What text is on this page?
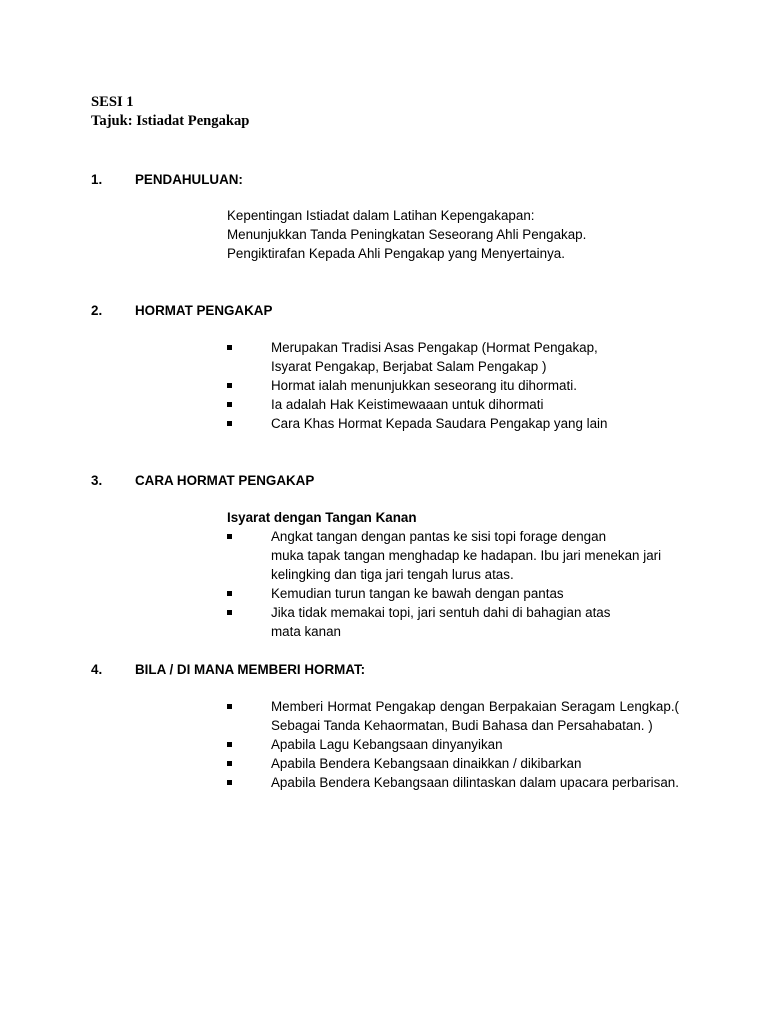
SESI 1
Tajuk: Istiadat Pengakap
1. PENDAHULUAN:
Kepentingan Istiadat dalam Latihan Kepengakapan:
Menunjukkan Tanda Peningkatan Seseorang Ahli Pengakap.
Pengiktirafan Kepada Ahli Pengakap yang Menyertainya.
2. HORMAT PENGAKAP
Merupakan Tradisi Asas Pengakap (Hormat Pengakap,
Isyarat Pengakap, Berjabat Salam Pengakap )
Hormat ialah menunjukkan seseorang itu dihormati.
Ia adalah Hak Keistimewaaan untuk dihormati
Cara Khas Hormat Kepada Saudara Pengakap yang lain
3. CARA HORMAT PENGAKAP
Isyarat dengan Tangan Kanan
Angkat tangan dengan pantas ke sisi topi forage dengan
muka tapak tangan menghadap ke hadapan. Ibu jari menekan jari
kelingking dan tiga jari tengah lurus atas.
Kemudian turun tangan ke bawah dengan pantas
Jika tidak memakai topi, jari sentuh dahi di bahagian atas
mata kanan
4. BILA / DI MANA MEMBERI HORMAT:
Memberi Hormat Pengakap dengan Berpakaian Seragam Lengkap.( Sebagai Tanda Kehaormatan, Budi Bahasa dan Persahabatan. )
Apabila Lagu Kebangsaan dinyanyikan
Apabila Bendera Kebangsaan dinaikkan / dikibarkan
Apabila Bendera Kebangsaan dilintaskan dalam upacara perbarisan.
